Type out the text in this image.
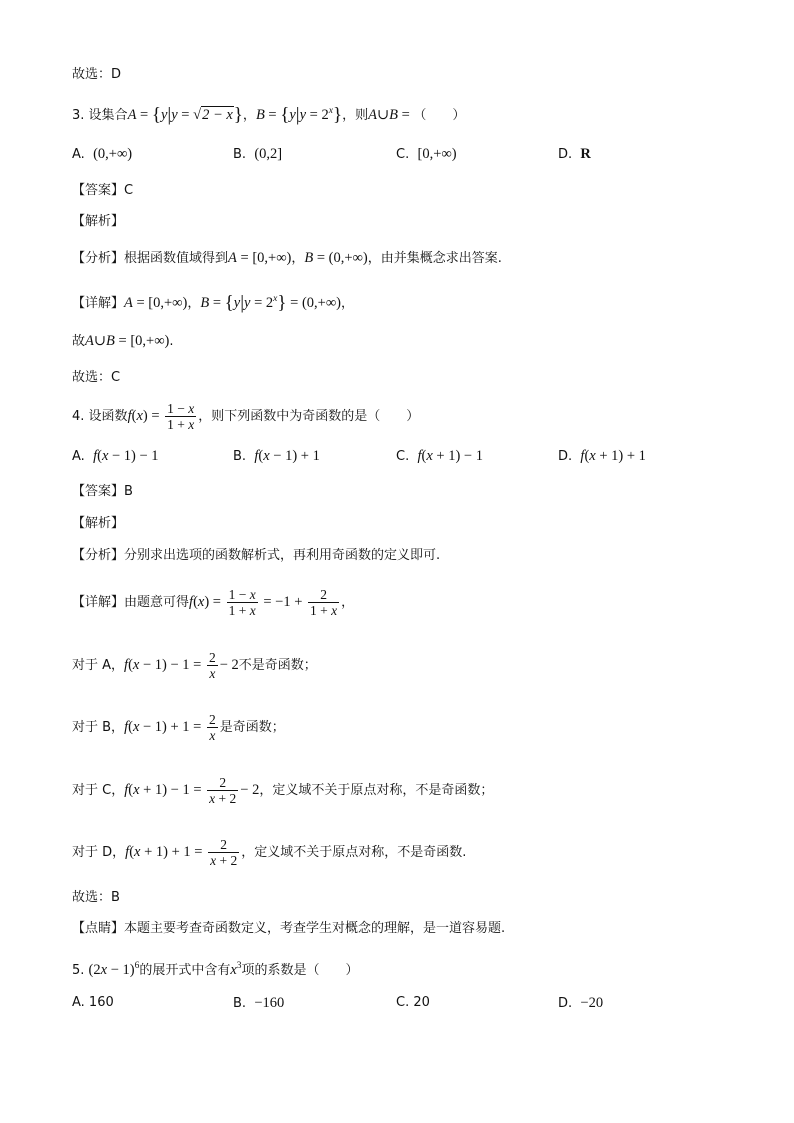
故选：D
3. 设集合A = {y|y = √2 − x}，$B = \{y|y = 2^x\}$，则A∪B = （　　）
A. (0,+∞)	B. (0,2]	C. [0,+∞)	D. R
【答案】C
【解析】
【分析】根据函数值域得到A = [0,+∞)，B = (0,+∞)，由并集概念求出答案.
【详解】A = [0,+∞)，$B = \{y|y = 2^x\} = (0,+\infty)$，
故A∪B = [0,+∞).
故选：C
4. 设函数$f(x) = \frac{1 - x}{1 + x}$ ，则下列函数中为奇函数的是（　　）
A. f(x − 1) − 1	B. f(x − 1) + 1	C. f(x + 1) − 1	D. f(x + 1) + 1
【答案】B
【解析】
【分析】分别求出选项的函数解析式，再利用奇函数的定义即可.
【详解】由题意可得$f(x) = \frac{1 - x}{1 + x} = -1 + \frac{2}{1 + x}$ ，
对于 A，$f(x - 1) - 1 = \frac{2}{x} - 2$不是奇函数；
对于 B，$f(x - 1) + 1 = \frac{2}{x}$ 是奇函数；
对于 C，$f(x + 1) - 1 = \frac{2}{x + 2} - 2$，定义域不关于原点对称，不是奇函数；
对于 D，$f(x + 1) + 1 = \frac{2}{x + 2}$ ，定义域不关于原点对称，不是奇函数.
故选：B
【点睛】本题主要考查奇函数定义，考查学生对概念的理解，是一道容易题.
5. $(2x - 1)^6$的展开式中含有$x^3$项的系数是（　　）
A. 160	B. −160	C. 20	D. −20
